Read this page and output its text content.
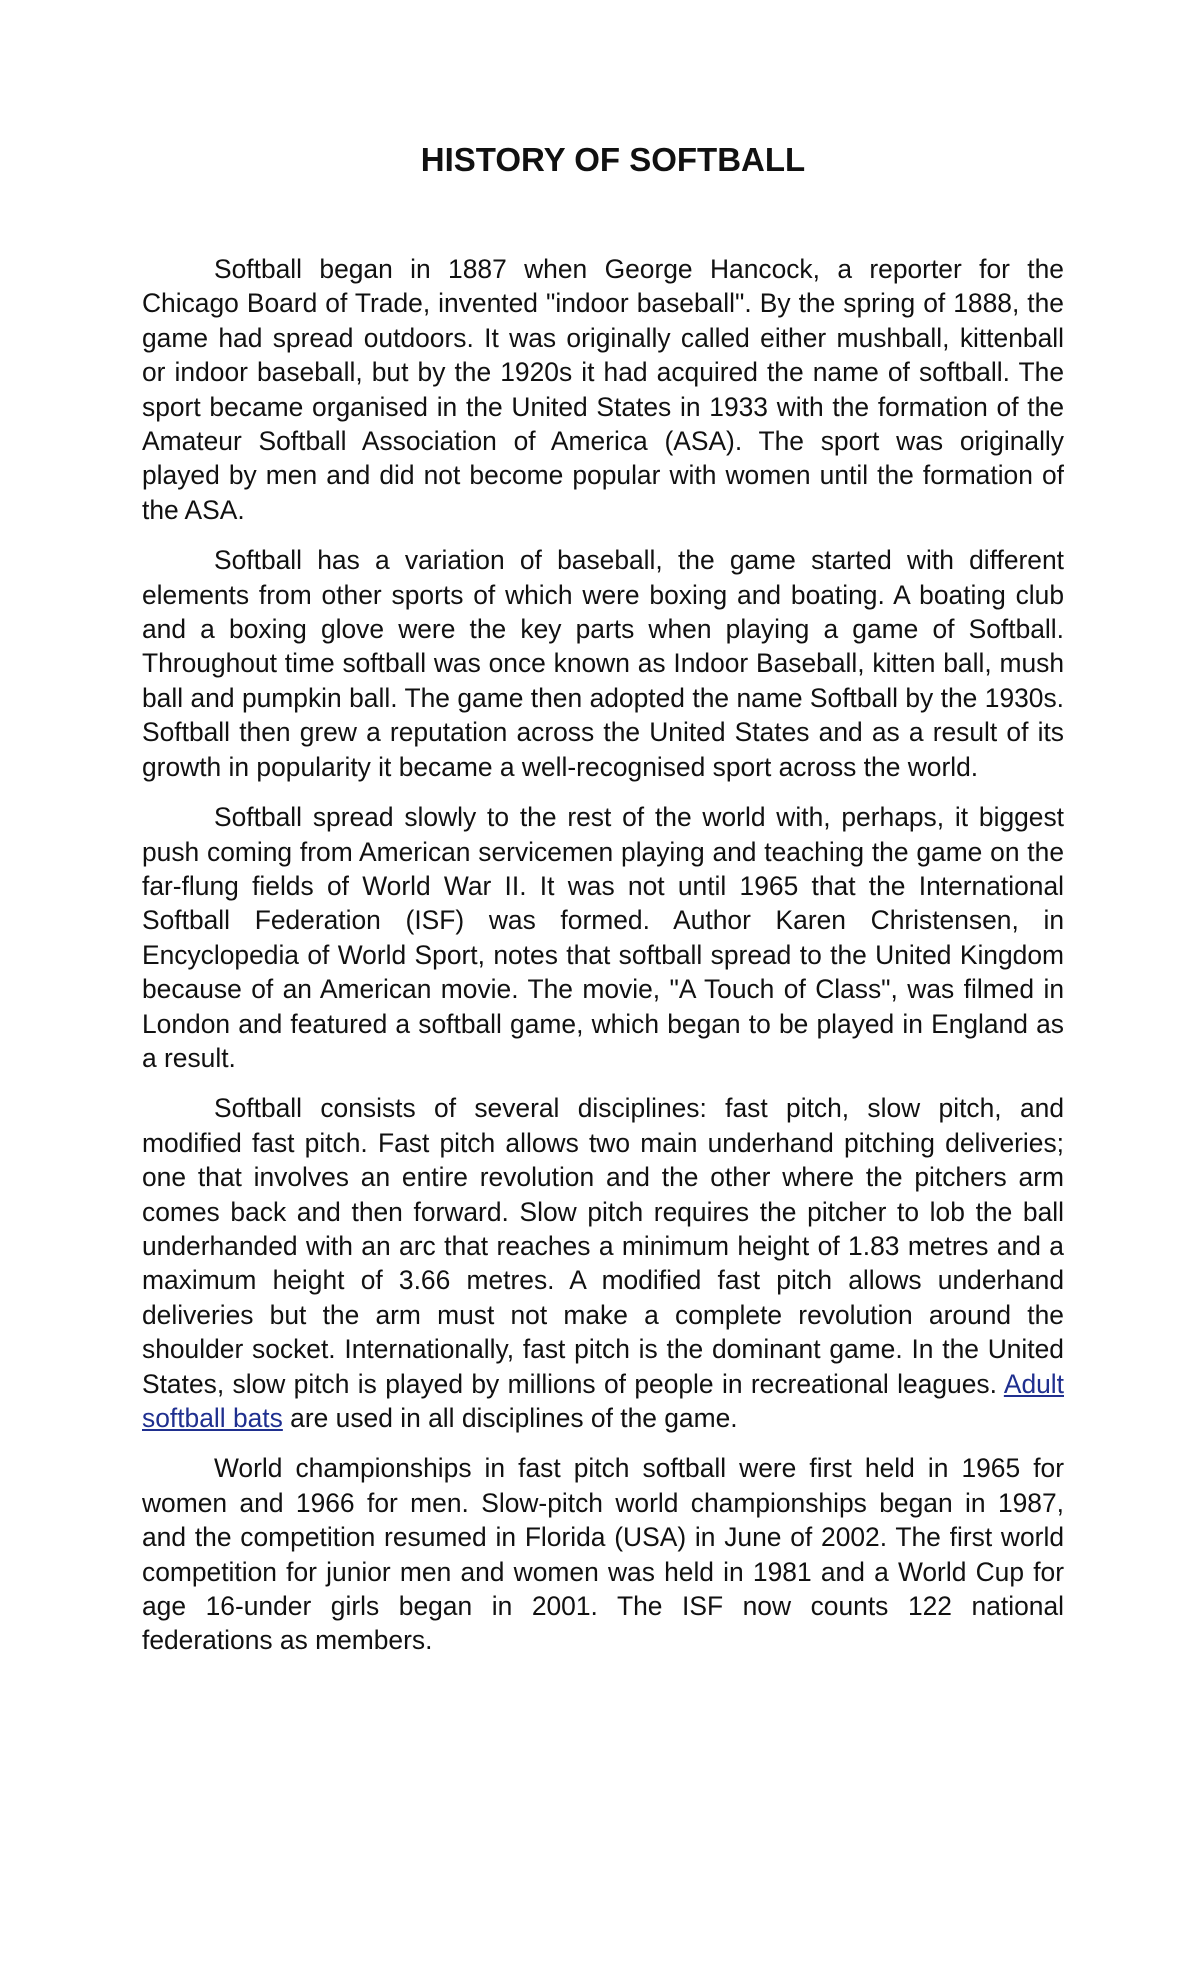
HISTORY OF SOFTBALL

Softball began in 1887 when George Hancock, a reporter for the Chicago Board of Trade, invented "indoor baseball". By the spring of 1888, the game had spread outdoors. It was originally called either mushball, kittenball or indoor baseball, but by the 1920s it had acquired the name of softball. The sport became organised in the United States in 1933 with the formation of the Amateur Softball Association of America (ASA). The sport was originally played by men and did not become popular with women until the formation of the ASA.

Softball has a variation of baseball, the game started with different elements from other sports of which were boxing and boating. A boating club and a boxing glove were the key parts when playing a game of Softball. Throughout time softball was once known as Indoor Baseball, kitten ball, mush ball and pumpkin ball. The game then adopted the name Softball by the 1930s. Softball then grew a reputation across the United States and as a result of its growth in popularity it became a well-recognised sport across the world.

Softball spread slowly to the rest of the world with, perhaps, it biggest push coming from American servicemen playing and teaching the game on the far-flung fields of World War II. It was not until 1965 that the International Softball Federation (ISF) was formed. Author Karen Christensen, in Encyclopedia of World Sport, notes that softball spread to the United Kingdom because of an American movie. The movie, "A Touch of Class", was filmed in London and featured a softball game, which began to be played in England as a result.

Softball consists of several disciplines: fast pitch, slow pitch, and modified fast pitch. Fast pitch allows two main underhand pitching deliveries; one that involves an entire revolution and the other where the pitchers arm comes back and then forward. Slow pitch requires the pitcher to lob the ball underhanded with an arc that reaches a minimum height of 1.83 metres and a maximum height of 3.66 metres. A modified fast pitch allows underhand deliveries but the arm must not make a complete revolution around the shoulder socket. Internationally, fast pitch is the dominant game. In the United States, slow pitch is played by millions of people in recreational leagues. Adult softball bats are used in all disciplines of the game.

World championships in fast pitch softball were first held in 1965 for women and 1966 for men. Slow-pitch world championships began in 1987, and the competition resumed in Florida (USA) in June of 2002. The first world competition for junior men and women was held in 1981 and a World Cup for age 16-under girls began in 2001. The ISF now counts 122 national federations as members.
